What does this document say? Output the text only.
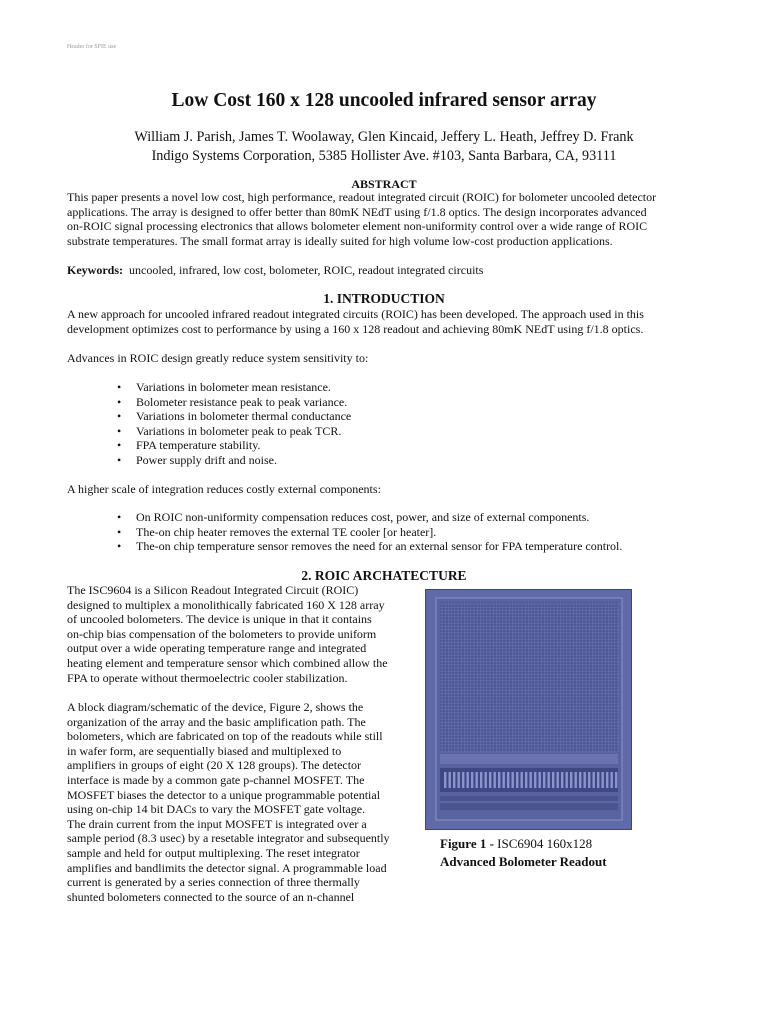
Header for SPIE use
Low Cost 160 x 128 uncooled infrared sensor array
William J. Parish, James T. Woolaway, Glen Kincaid, Jeffery L. Heath, Jeffrey D. Frank
Indigo Systems Corporation, 5385 Hollister Ave. #103, Santa Barbara, CA, 93111
ABSTRACT
This paper presents a novel low cost, high performance, readout integrated circuit (ROIC) for bolometer uncooled detector
applications. The array is designed to offer better than 80mK NEdT using f/1.8 optics. The design incorporates advanced
on-ROIC signal processing electronics that allows bolometer element non-uniformity control over a wide range of ROIC
substrate temperatures. The small format array is ideally suited for high volume low-cost production applications.
Keywords:  uncooled, infrared, low cost, bolometer, ROIC, readout integrated circuits
1. INTRODUCTION
A new approach for uncooled infrared readout integrated circuits (ROIC) has been developed. The approach used in this
development optimizes cost to performance by using a 160 x 128 readout and achieving 80mK NEdT using f/1.8 optics.
Advances in ROIC design greatly reduce system sensitivity to:
• Variations in bolometer mean resistance.
• Bolometer resistance peak to peak variance.
• Variations in bolometer thermal conductance
• Variations in bolometer peak to peak TCR.
• FPA temperature stability.
• Power supply drift and noise.
A higher scale of integration reduces costly external components:
• On ROIC non-uniformity compensation reduces cost, power, and size of external components.
• The-on chip heater removes the external TE cooler [or heater].
• The-on chip temperature sensor removes the need for an external sensor for FPA temperature control.
2. ROIC ARCHATECTURE
The ISC9604 is a Silicon Readout Integrated Circuit (ROIC)
designed to multiplex a monolithically fabricated 160 X 128 array
of uncooled bolometers. The device is unique in that it contains
on-chip bias compensation of the bolometers to provide uniform
output over a wide operating temperature range and integrated
heating element and temperature sensor which combined allow the
FPA to operate without thermoelectric cooler stabilization.
A block diagram/schematic of the device, Figure 2, shows the
organization of the array and the basic amplification path. The
bolometers, which are fabricated on top of the readouts while still
in wafer form, are sequentially biased and multiplexed to
amplifiers in groups of eight (20 X 128 groups). The detector
interface is made by a common gate p-channel MOSFET. The
MOSFET biases the detector to a unique programmable potential
using on-chip 14 bit DACs to vary the MOSFET gate voltage.
The drain current from the input MOSFET is integrated over a
sample period (8.3 usec) by a resetable integrator and subsequently
sample and held for output multiplexing. The reset integrator
amplifies and bandlimits the detector signal. A programmable load
current is generated by a series connection of three thermally
shunted bolometers connected to the source of an n-channel
Figure 1 - ISC6904 160x128
Advanced Bolometer Readout
